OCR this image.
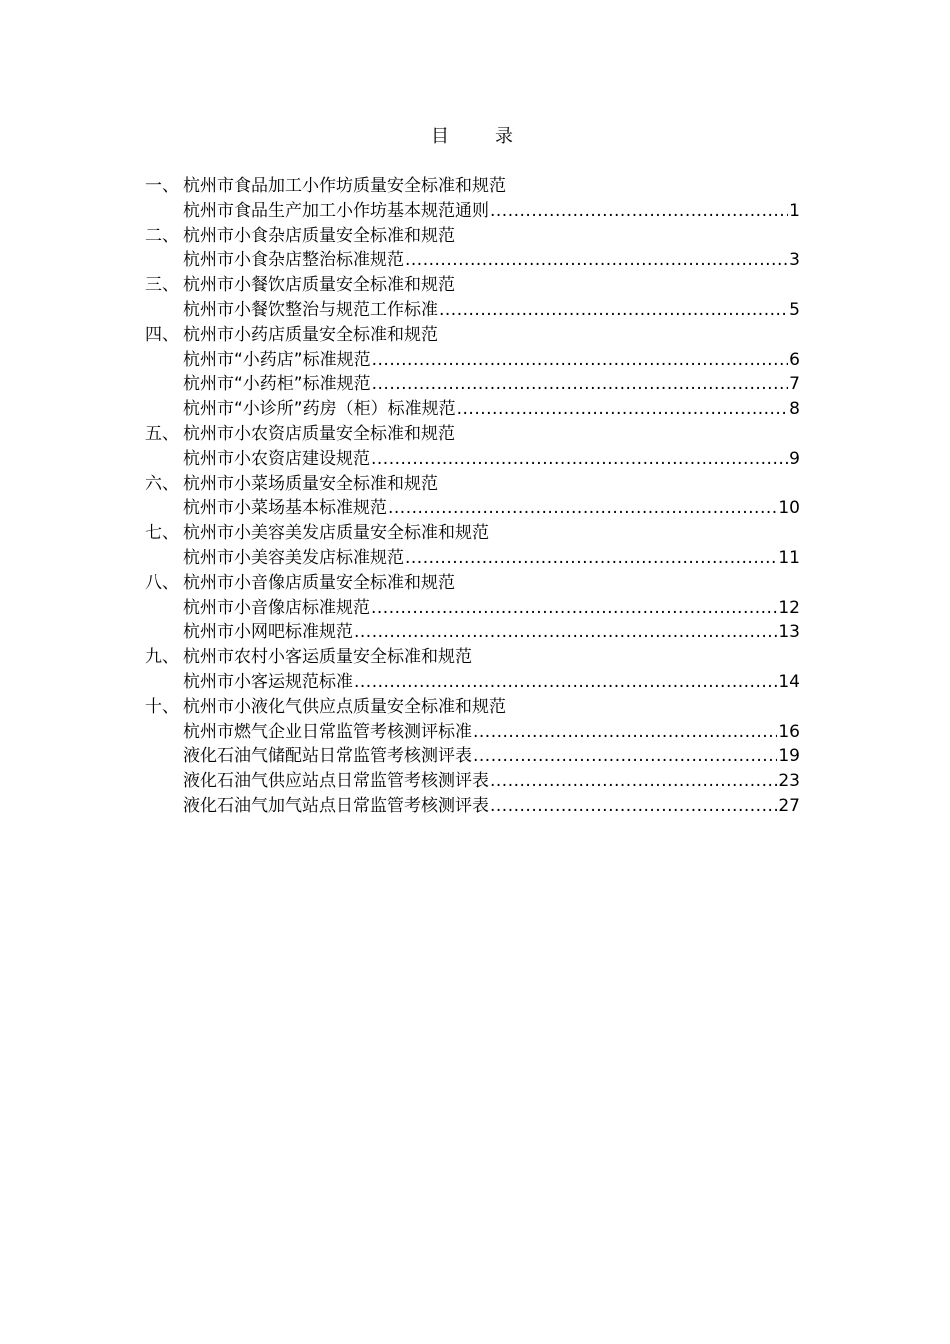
目　录
一、 杭州市食品加工小作坊质量安全标准和规范
杭州市食品生产加工小作坊基本规范通则 .....	1
二、 杭州市小食杂店质量安全标准和规范
杭州市小食杂店整治标准规范 .....	3
三、 杭州市小餐饮店质量安全标准和规范
杭州市小餐饮整治与规范工作标准 .....	5
四、 杭州市小药店质量安全标准和规范
杭州市“小药店”标准规范 .....	6
杭州市“小药柜”标准规范 .....	7
杭州市“小诊所”药房（柜）标准规范 .....	8
五、 杭州市小农资店质量安全标准和规范
杭州市小农资店建设规范 .....	9
六、 杭州市小菜场质量安全标准和规范
杭州市小菜场基本标准规范 .....	10
七、 杭州市小美容美发店质量安全标准和规范
杭州市小美容美发店标准规范 .....	11
八、 杭州市小音像店质量安全标准和规范
杭州市小音像店标准规范 .....	12
杭州市小网吧标准规范 .....	13
九、 杭州市农村小客运质量安全标准和规范
杭州市小客运规范标准 .....	14
十、 杭州市小液化气供应点质量安全标准和规范
杭州市燃气企业日常监管考核测评标准 .....	16
液化石油气储配站日常监管考核测评表 .....	19
液化石油气供应站点日常监管考核测评表 .....	23
液化石油气加气站点日常监管考核测评表 .....	27
